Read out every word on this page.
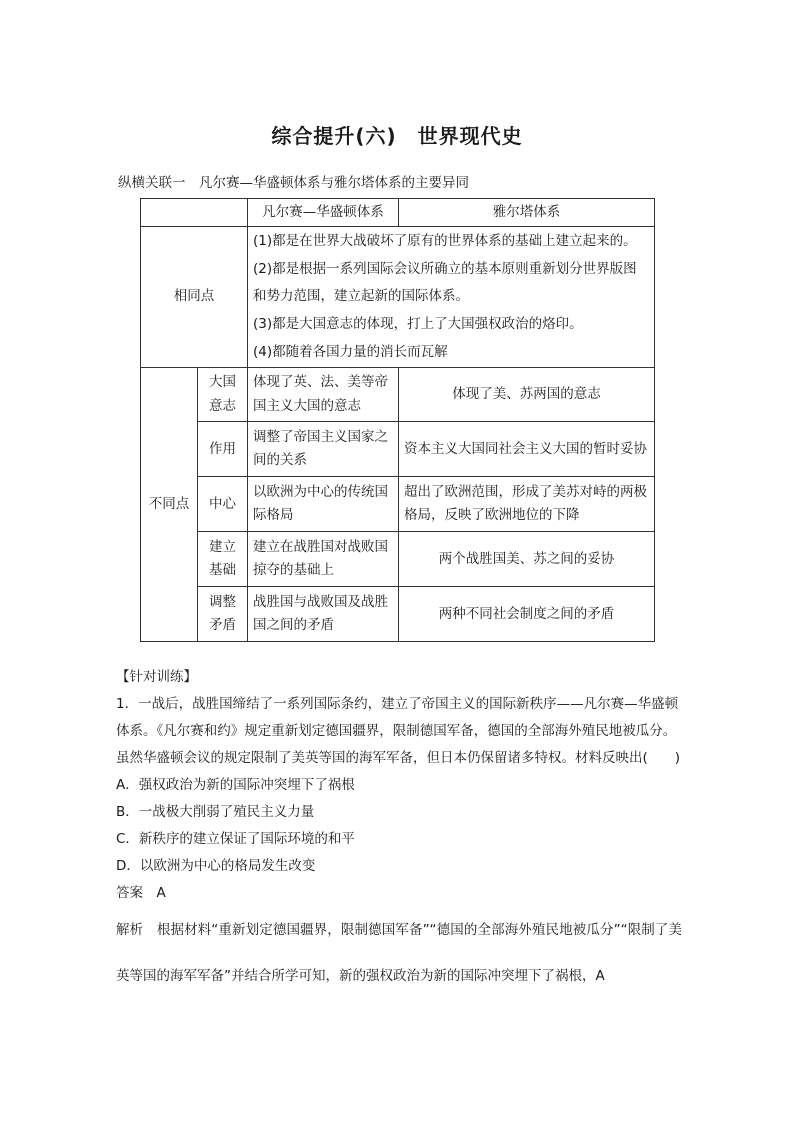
综合提升(六)　世界现代史
纵横关联一　凡尔赛—华盛顿体系与雅尔塔体系的主要异同
		凡尔赛—华盛顿体系	雅尔塔体系
相同点		(1)都是在世界大战破坏了原有的世界体系的基础上建立起来的。

(2)都是根据一系列国际会议所确立的基本原则重新划分世界版图和势力范围，建立起新的国际体系。

(3)都是大国意志的体现，打上了大国强权政治的烙印。

(4)都随着各国力量的消长而瓦解	

不同点	大国意志	体现了英、法、美等帝国主义大国的意志	体现了美、苏两国的意志
	作用	调整了帝国主义国家之间的关系	资本主义大国同社会主义大国的暂时妥协
	中心	以欧洲为中心的传统国际格局	超出了欧洲范围，形成了美苏对峙的两极格局，反映了欧洲地位的下降
	建立基础	建立在战胜国对战败国掠夺的基础上	两个战胜国美、苏之间的妥协
	调整矛盾	战胜国与战败国及战胜国之间的矛盾	两种不同社会制度之间的矛盾

【针对训练】

1．一战后，战胜国缔结了一系列国际条约，建立了帝国主义的国际新秩序——凡尔赛—华盛顿体系。《凡尔赛和约》规定重新划定德国疆界，限制德国军备，德国的全部海外殖民地被瓜分。虽然华盛顿会议的规定限制了美英等国的海军军备，但日本仍保留诸多特权。材料反映出(　　)

A．强权政治为新的国际冲突埋下了祸根

B．一战极大削弱了殖民主义力量

C．新秩序的建立保证了国际环境的和平

D．以欧洲为中心的格局发生改变

答案　 A

解析　 根据材料“重新划定德国疆界，限制德国军备”“德国的全部海外殖民地被瓜分”“限制了美英等国的海军军备”并结合所学可知，新的强权政治为新的国际冲突埋下了祸根，A
